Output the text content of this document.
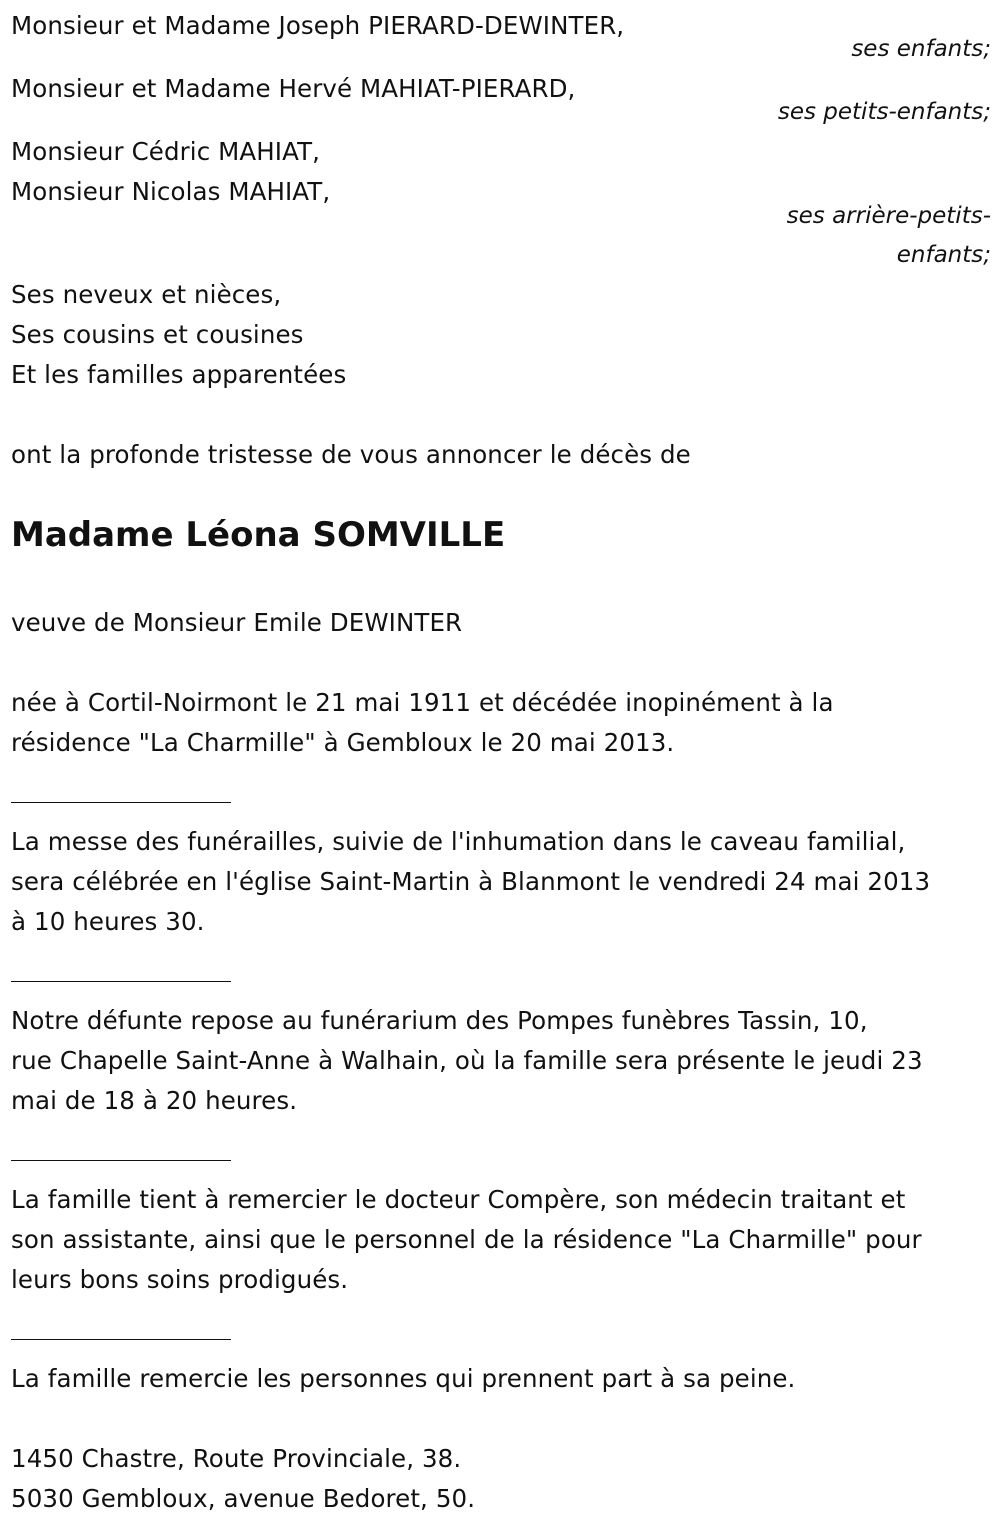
Monsieur et Madame Joseph PIERARD-DEWINTER,
ses enfants;
Monsieur et Madame Hervé MAHIAT-PIERARD,
ses petits-enfants;
Monsieur Cédric MAHIAT,
Monsieur Nicolas MAHIAT,
ses arrière-petits-
enfants;
Ses neveux et nièces,
Ses cousins et cousines
Et les familles apparentées
ont la profonde tristesse de vous annoncer le décès de
Madame Léona SOMVILLE
veuve de Monsieur Emile DEWINTER
née à Cortil-Noirmont le 21 mai 1911 et décédée inopinément à la
résidence "La Charmille" à Gembloux le 20 mai 2013.
La messe des funérailles, suivie de l'inhumation dans le caveau familial,
sera célébrée en l'église Saint-Martin à Blanmont le vendredi 24 mai 2013
à 10 heures 30.
Notre défunte repose au funérarium des Pompes funèbres Tassin, 10,
rue Chapelle Saint-Anne à Walhain, où la famille sera présente le jeudi 23
mai de 18 à 20 heures.
La famille tient à remercier le docteur Compère, son médecin traitant et
son assistante, ainsi que le personnel de la résidence "La Charmille" pour
leurs bons soins prodigués.
La famille remercie les personnes qui prennent part à sa peine.
1450 Chastre, Route Provinciale, 38.
5030 Gembloux, avenue Bedoret, 50.
